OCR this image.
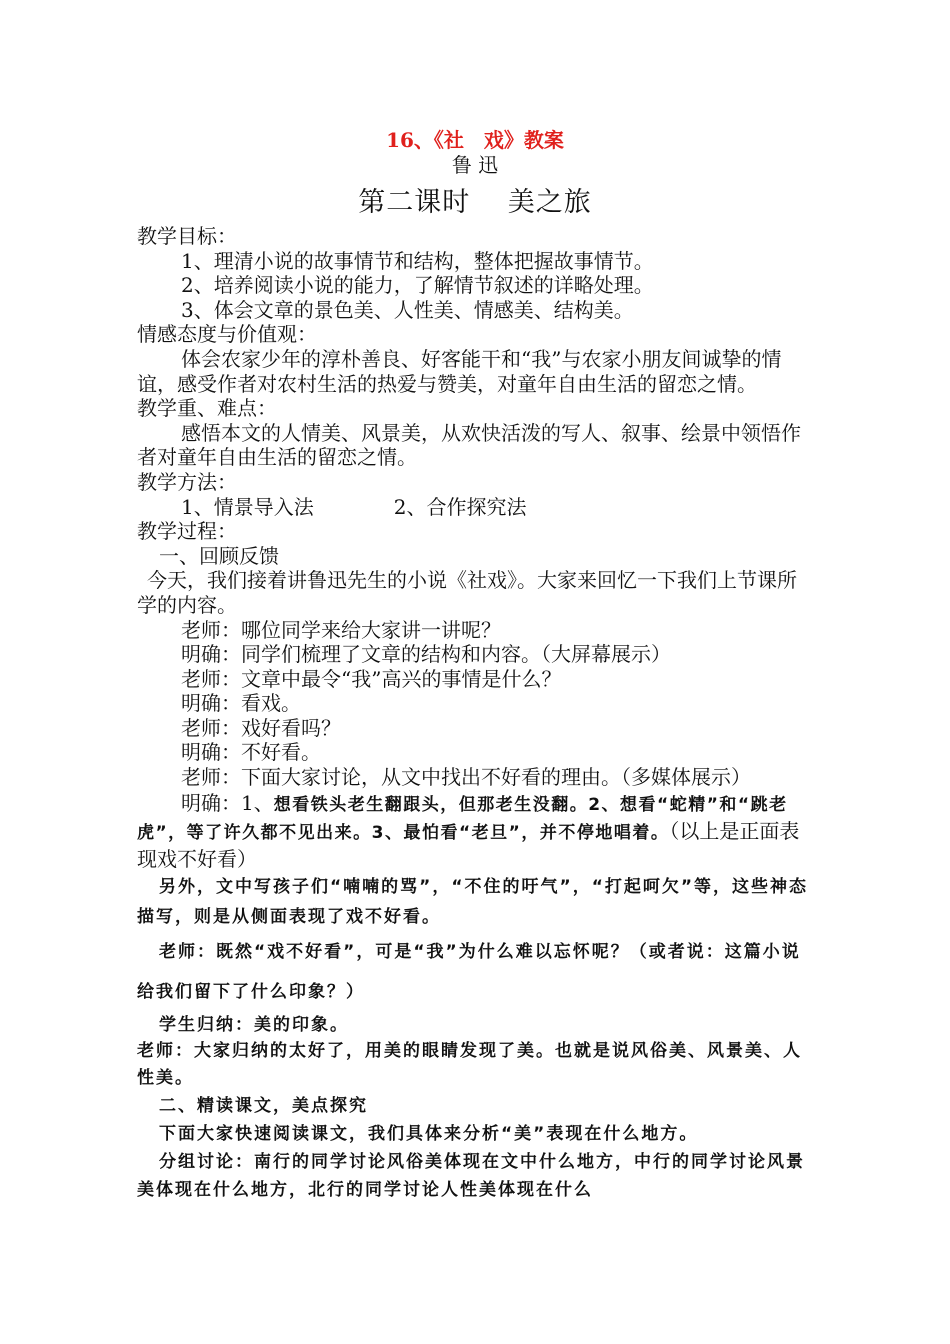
16、《社　戏》教案
鲁 迅
第二课时　 美之旅

教学目标：

1、理清小说的故事情节和结构，整体把握故事情节。

2、培养阅读小说的能力，了解情节叙述的详略处理。

3、体会文章的景色美、人性美、情感美、结构美。

情感态度与价值观：

体会农家少年的淳朴善良、好客能干和“我”与农家小朋友间诚挚的情谊，感受作者对农村生活的热爱与赞美，对童年自由生活的留恋之情。

教学重、难点：

感悟本文的人情美、风景美，从欢快活泼的写人、叙事、绘景中领悟作者对童年自由生活的留恋之情。

教学方法：

1、情景导入法	2、合作探究法

教学过程：

一、回顾反馈

今天，我们接着讲鲁迅先生的小说《社戏》。大家来回忆一下我们上节课所学的内容。

老师：哪位同学来给大家讲一讲呢？

明确：同学们梳理了文章的结构和内容。（大屏幕展示）

老师：文章中最令“我”高兴的事情是什么？

明确：看戏。

老师：戏好看吗？

明确：不好看。

老师：下面大家讨论，从文中找出不好看的理由。（多媒体展示）

明确：1、想看铁头老生翻跟头，但那老生没翻。2、想看“蛇精”和“跳老虎”，等了许久都不见出来。3、最怕看“老旦”，并不停地唱着。（以上是正面表现戏不好看）

另外，文中写孩子们“喃喃的骂”，“不住的吁气”，“打起呵欠”等，这些神态描写，则是从侧面表现了戏不好看。

老师：既然“戏不好看”，可是“我”为什么难以忘怀呢？（或者说：这篇小说给我们留下了什么印象？）

学生归纳：美的印象。

老师：大家归纳的太好了，用美的眼睛发现了美。也就是说风俗美、风景美、人性美。

二、精读课文，美点探究

下面大家快速阅读课文，我们具体来分析“美”表现在什么地方。

分组讨论：南行的同学讨论风俗美体现在文中什么地方，中行的同学讨论风景美体现在什么地方，北行的同学讨论人性美体现在什么
